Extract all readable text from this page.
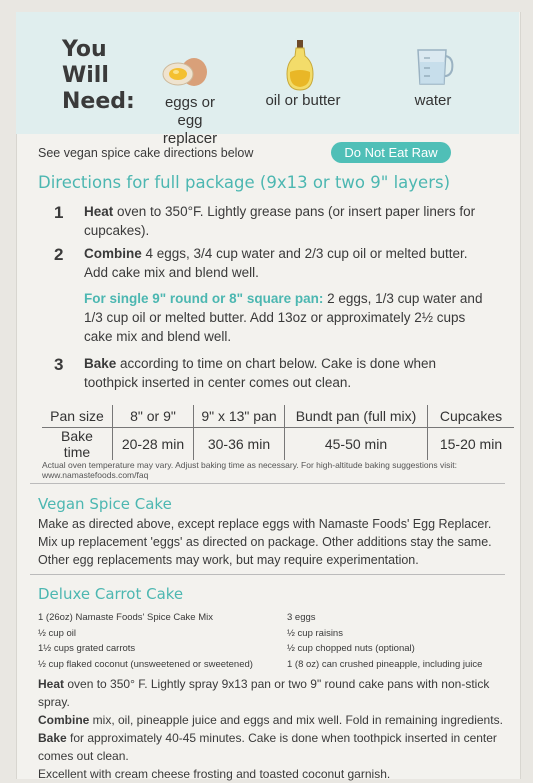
You
Will
Need:	eggs or
egg replacer
oil or butter	water
See vegan spice cake directions below	Do Not Eat Raw
Directions for full package (9x13 or two 9" layers)
1 Heat oven to 350°F. Lightly grease pans (or insert paper liners for cupcakes).
2 Combine 4 eggs, 3/4 cup water and 2/3 cup oil or melted butter. Add cake mix and blend well.
For single 9" round or 8" square pan: 2 eggs, 1/3 cup water and 1/3 cup oil or melted butter. Add 13oz or approximately 2½ cups cake mix and blend well.
3 Bake according to time on chart below. Cake is done when toothpick inserted in center comes out clean.
Pan size	8" or 9"	9" x 13" pan	Bundt pan (full mix)	Cupcakes
Bake time	20-28 min	30-36 min	45-50 min	15-20 min
Actual oven temperature may vary. Adjust baking time as necessary. For high-altitude baking suggestions visit: www.namastefoods.com/faq
Vegan Spice Cake
Make as directed above, except replace eggs with Namaste Foods' Egg Replacer. Mix up replacement 'eggs' as directed on package. Other additions stay the same. Other egg replacements may work, but may require experimentation.
Deluxe Carrot Cake
1 (26oz) Namaste Foods' Spice Cake Mix
½ cup oil
1½ cups grated carrots
½ cup flaked coconut (unsweetened or sweetened)
3 eggs
½ cup raisins
½ cup chopped nuts (optional)
1 (8 oz) can crushed pineapple, including juice
Heat oven to 350° F. Lightly spray 9x13 pan or two 9" round cake pans with non-stick spray.
Combine mix, oil, pineapple juice and eggs and mix well. Fold in remaining ingredients.
Bake for approximately 40-45 minutes. Cake is done when toothpick inserted in center comes out clean.
Excellent with cream cheese frosting and toasted coconut garnish.
